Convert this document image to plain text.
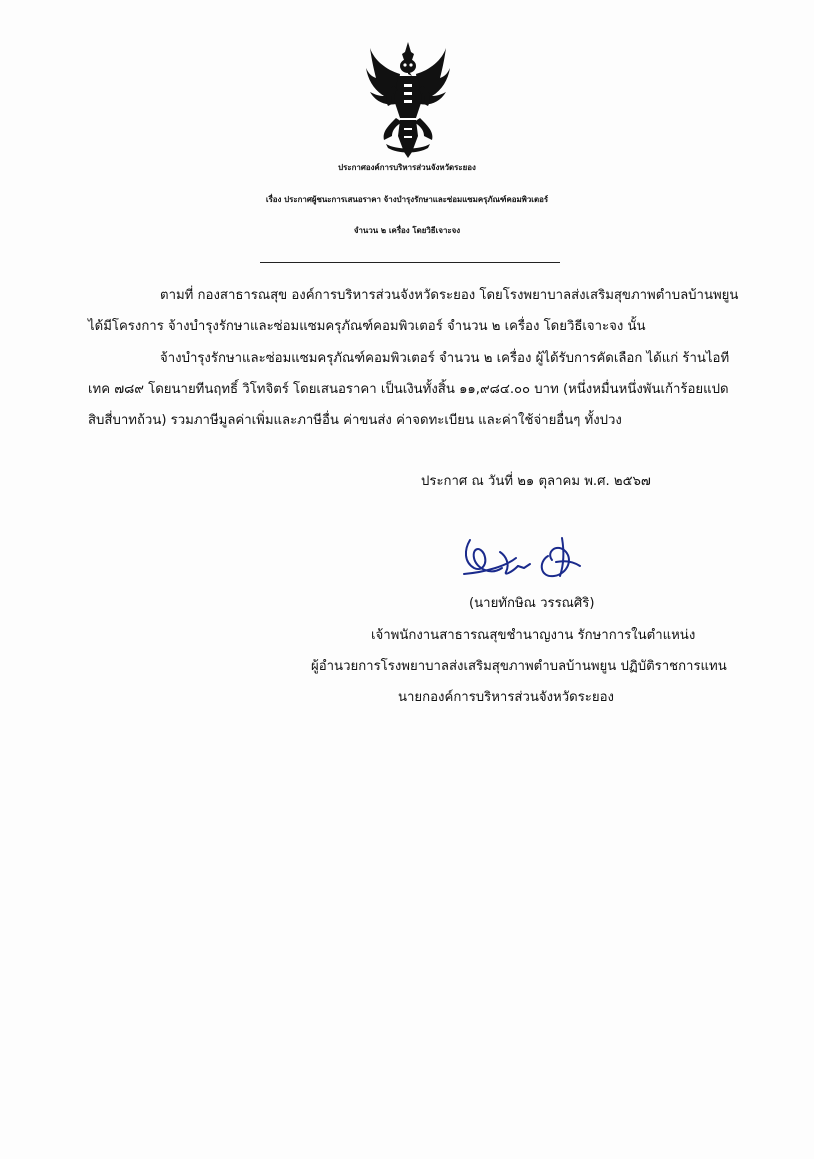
ประกาศองค์การบริหารส่วนจังหวัดระยอง
เรื่อง ประกาศผู้ชนะการเสนอราคา จ้างบำรุงรักษาและซ่อมแซมครุภัณฑ์คอมพิวเตอร์
จำนวน ๒ เครื่อง โดยวิธีเจาะจง
ตามที่ กองสาธารณสุข องค์การบริหารส่วนจังหวัดระยอง โดยโรงพยาบาลส่งเสริมสุขภาพตำบลบ้านพยูน
ได้มีโครงการ จ้างบำรุงรักษาและซ่อมแซมครุภัณฑ์คอมพิวเตอร์ จำนวน ๒ เครื่อง โดยวิธีเจาะจง นั้น
จ้างบำรุงรักษาและซ่อมแซมครุภัณฑ์คอมพิวเตอร์ จำนวน ๒ เครื่อง ผู้ได้รับการคัดเลือก ได้แก่ ร้านไอที
เทค ๗๘๙ โดยนายทีนฤทธิ์ วิโทจิตร์ โดยเสนอราคา เป็นเงินทั้งสิ้น ๑๑,๙๘๔.๐๐ บาท (หนึ่งหมื่นหนึ่งพันเก้าร้อยแปด
สิบสี่บาทถ้วน) รวมภาษีมูลค่าเพิ่มและภาษีอื่น ค่าขนส่ง ค่าจดทะเบียน และค่าใช้จ่ายอื่นๆ ทั้งปวง
ประกาศ ณ วันที่ ๒๑ ตุลาคม พ.ศ. ๒๕๖๗
(นายทักษิณ วรรณศิริ)
เจ้าพนักงานสาธารณสุขชำนาญงาน รักษาการในตำแหน่ง
ผู้อำนวยการโรงพยาบาลส่งเสริมสุขภาพตำบลบ้านพยูน ปฏิบัติราชการแทน
นายกองค์การบริหารส่วนจังหวัดระยอง
